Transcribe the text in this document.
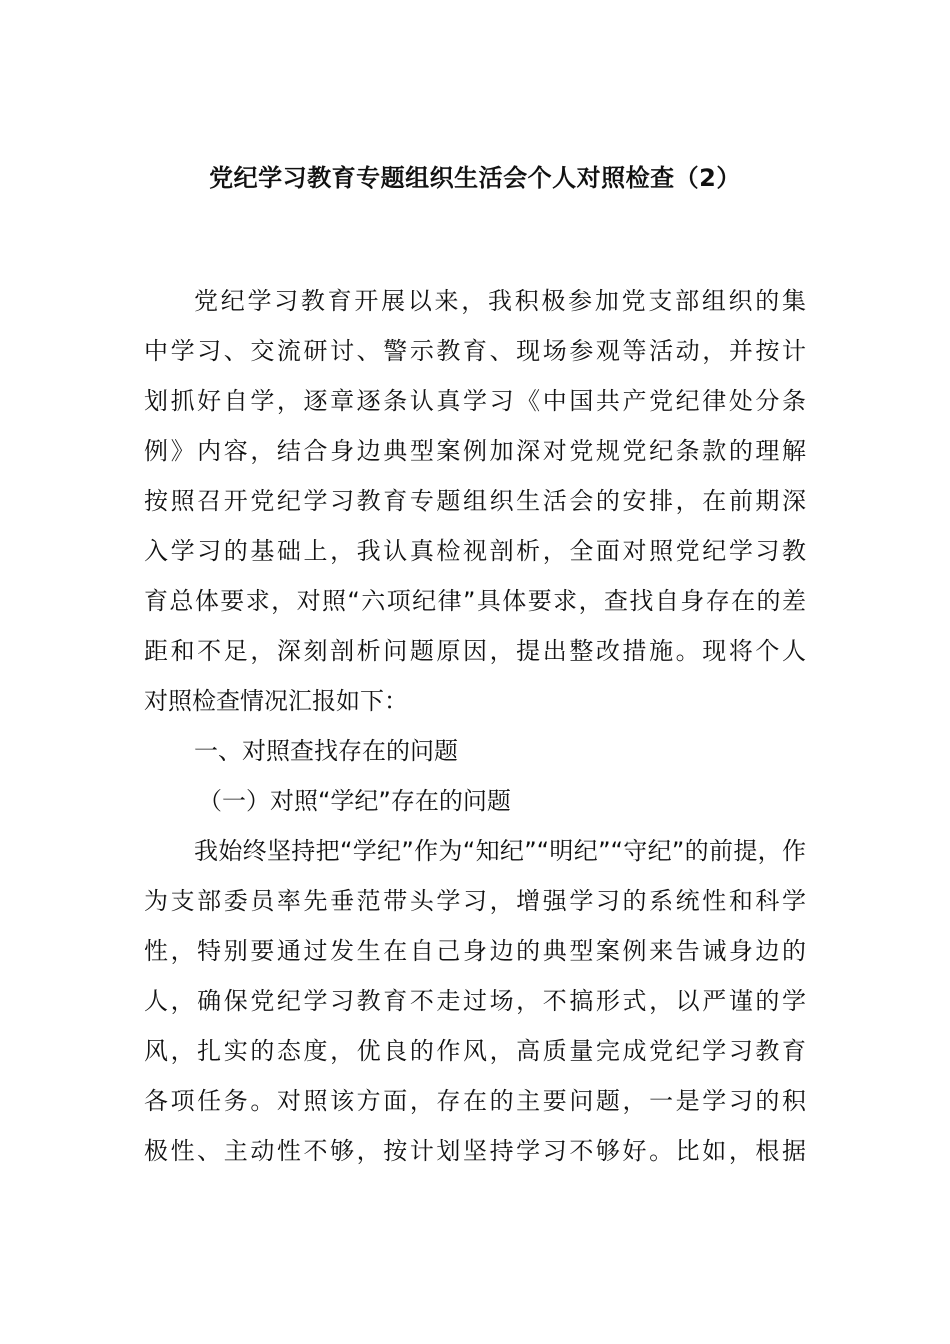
党纪学习教育专题组织生活会个人对照检查（2）
党纪学习教育开展以来，我积极参加党支部组织的集
中学习、交流研讨、警示教育、现场参观等活动，并按计
划抓好自学，逐章逐条认真学习《中国共产党纪律处分条
例》内容，结合身边典型案例加深对党规党纪条款的理解
按照召开党纪学习教育专题组织生活会的安排，在前期深
入学习的基础上，我认真检视剖析，全面对照党纪学习教
育总体要求，对照“六项纪律”具体要求，查找自身存在的差
距和不足，深刻剖析问题原因，提出整改措施。现将个人
对照检查情况汇报如下：
一、对照查找存在的问题
（一）对照“学纪”存在的问题
我始终坚持把“学纪”作为“知纪”“明纪”“守纪”的前提，作
为支部委员率先垂范带头学习，增强学习的系统性和科学
性，特别要通过发生在自己身边的典型案例来告诫身边的
人，确保党纪学习教育不走过场，不搞形式，以严谨的学
风，扎实的态度，优良的作风，高质量完成党纪学习教育
各项任务。对照该方面，存在的主要问题，一是学习的积
极性、主动性不够，按计划坚持学习不够好。比如，根据
